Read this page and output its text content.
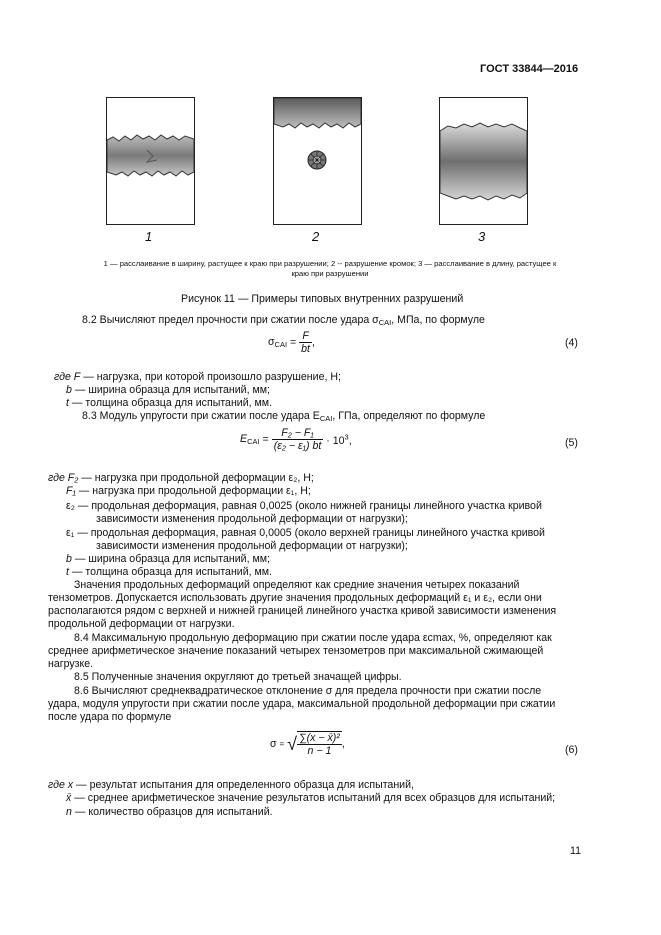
ГОСТ 33844—2016
1	2	3
1 — расслаивание в ширину, растущее к краю при разрушении; 2 -- разрушение кромок; 3 — расслаивание в длину, растущее к
краю при разрушении
Рисунок 11 — Примеры типовых внутренних разрушений
8.2 Вычисляют предел прочности при сжатии после удара $\sigma_{CAI}$, МПа, по формуле
$\sigma_{CAI} = \frac{F}{bt}$ ,	(4)
где F — нагрузка, при которой произошло разрушение, Н;
b — ширина образца для испытаний, мм;
t — толщина образца для испытаний, мм.
8.3 Модуль упругости при сжатии после удара $E_{CAI}$, ГПа, определяют по формуле
$E_{CAI} = \frac{\text{F₂ − F₁}}{\text{(ε₂ − ε₁) bt}} \cdot 10^3$,	(5)
где F₂ — нагрузка при продольной деформации ε₂, Н;
F₁ — нагрузка при продольной деформации ε₁, Н;
ε₂ — продольная деформация, равная 0,0025 (около нижней границы линейного участка кривой
зависимости изменения продольной деформации от нагрузки);
ε₁ — продольная деформация, равная 0,0005 (около верхней границы линейного участка кривой
зависимости изменения продольной деформации от нагрузки);
b — ширина образца для испытаний, мм;
t — толщина образца для испытаний, мм.
Значения продольных деформаций определяют как средние значения четырех показаний
тензометров. Допускается использовать другие значения продольных деформаций ε₁ и ε₂, если они
располагаются рядом с верхней и нижней границей линейного участка кривой зависимости изменения
продольной деформации от нагрузки.
8.4 Максимальную продольную деформацию при сжатии после удара εcmax, %, определяют как
среднее арифметическое значение показаний четырех тензометров при максимальной сжимающей
нагрузке.
8.5 Полученные значения округляют до третьей значащей цифры.
8.6 Вычисляют среднеквадратическое отклонение σ для предела прочности при сжатии после
удара, модуля упругости при сжатии после удара, максимальной продольной деформации при сжатии
после удара по формуле
σ = √ $\frac{\text{∑(x − x̄)²}}{n - 1}$ ,	(6)
где x — результат испытания для определенного образца для испытаний,
x̄ — среднее арифметическое значение результатов испытаний для всех образцов для испытаний;
n — количество образцов для испытаний.
11
